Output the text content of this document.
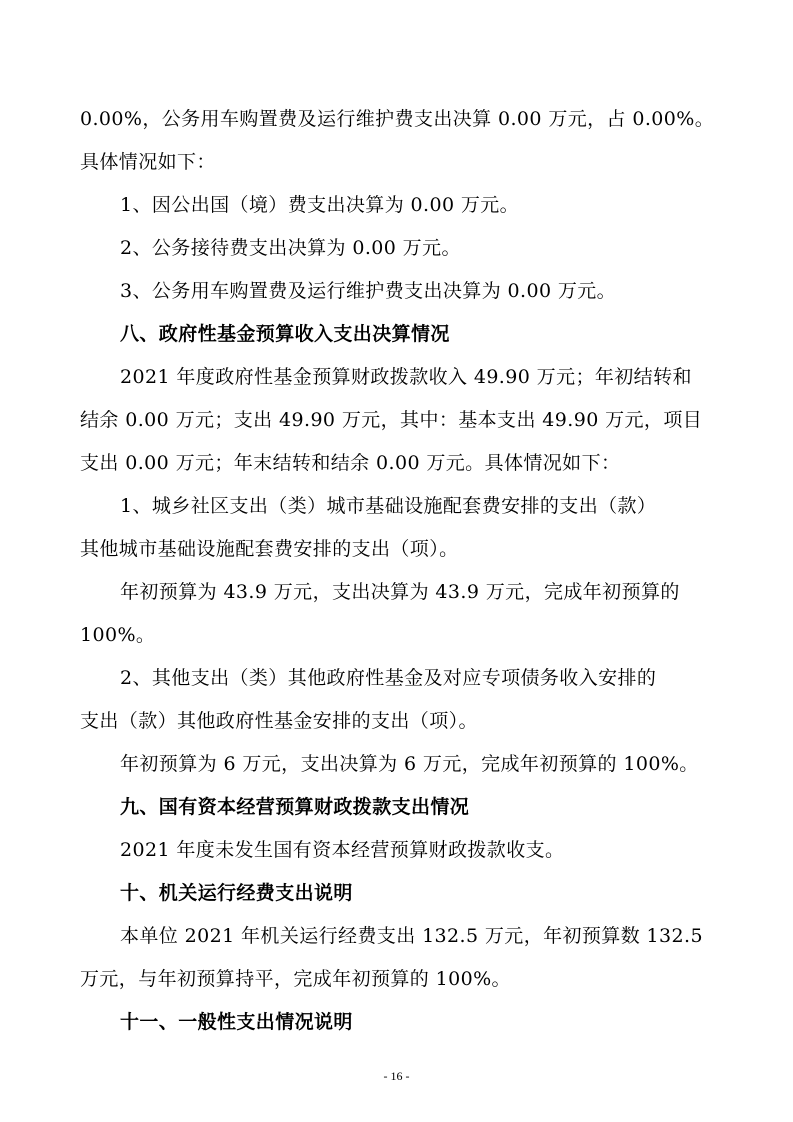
0.00%，公务用车购置费及运行维护费支出决算 0.00 万元，占 0.00%。
具体情况如下：
1、因公出国（境）费支出决算为 0.00 万元。
2、公务接待费支出决算为 0.00 万元。
3、公务用车购置费及运行维护费支出决算为 0.00 万元。
八、政府性基金预算收入支出决算情况
2021 年度政府性基金预算财政拨款收入 49.90 万元；年初结转和
结余 0.00 万元；支出 49.90 万元，其中：基本支出 49.90 万元，项目
支出 0.00 万元；年末结转和结余 0.00 万元。具体情况如下：
1、城乡社区支出（类）城市基础设施配套费安排的支出（款）
其他城市基础设施配套费安排的支出（项）。
年初预算为 43.9 万元，支出决算为 43.9 万元，完成年初预算的
100%。
2、其他支出（类）其他政府性基金及对应专项债务收入安排的
支出（款）其他政府性基金安排的支出（项）。
年初预算为 6 万元，支出决算为 6 万元，完成年初预算的 100%。
九、国有资本经营预算财政拨款支出情况
2021 年度未发生国有资本经营预算财政拨款收支。
十、机关运行经费支出说明
本单位 2021 年机关运行经费支出 132.5 万元，年初预算数 132.5
万元，与年初预算持平，完成年初预算的 100%。
十一、一般性支出情况说明
- 16 -
